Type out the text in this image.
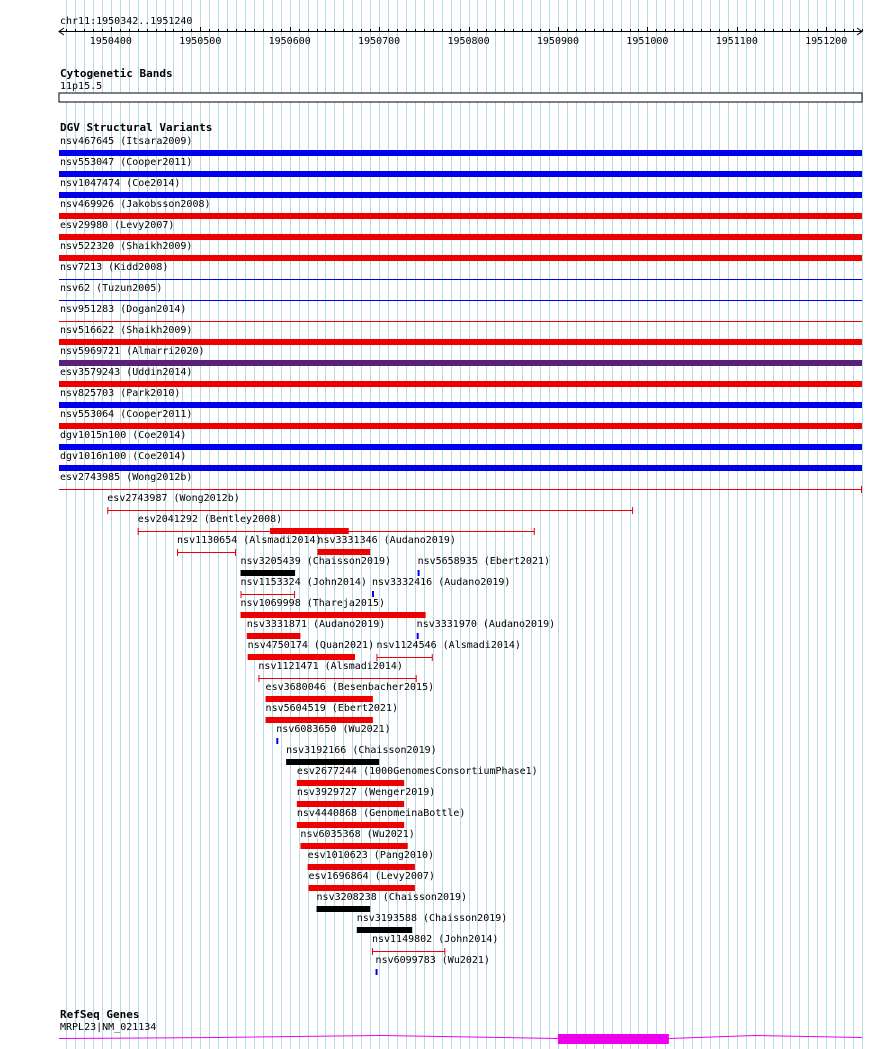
chr11:1950342..1951240
1950400	1950500	1950600	1950700	1950800	1950900	1951000	1951100	1951200
Cytogenetic Bands
11p15.5
DGV Structural Variants
nsv467645 (Itsara2009)
nsv553047 (Cooper2011)
nsv1047474 (Coe2014)
nsv469926 (Jakobsson2008)
esv29980 (Levy2007)
nsv522320 (Shaikh2009)
nsv7213 (Kidd2008)
nsv62 (Tuzun2005)
nsv951283 (Dogan2014)
nsv516622 (Shaikh2009)
nsv5969721 (Almarri2020)
esv3579243 (Uddin2014)
nsv825703 (Park2010)
nsv553064 (Cooper2011)
dgv1015n100 (Coe2014)
dgv1016n100 (Coe2014)
esv2743985 (Wong2012b)
esv2743987 (Wong2012b)
esv2041292 (Bentley2008)
nsv1130654 (Alsmadi2014)
nsv3331346 (Audano2019)
nsv3205439 (Chaisson2019)	nsv5658935 (Ebert2021)
nsv1153324 (John2014) nsv3332416 (Audano2019)
nsv1069998 (Thareja2015)
nsv3331871 (Audano2019)	nsv3331970 (Audano2019)
nsv4750174 (Quan2021) nsv1124546 (Alsmadi2014)
nsv1121471 (Alsmadi2014)
esv3680046 (Besenbacher2015)
nsv5604519 (Ebert2021)
nsv6083650 (Wu2021)
nsv3192166 (Chaisson2019)
esv2677244 (1000GenomesConsortiumPhase1)
nsv3929727 (Wenger2019)
nsv4440868 (GenomeinaBottle)
nsv6035368 (Wu2021)
esv1010623 (Pang2010)
esv1696864 (Levy2007)
nsv3208238 (Chaisson2019)
nsv3193588 (Chaisson2019)
nsv1149802 (John2014)
nsv6099783 (Wu2021)
RefSeq Genes
MRPL23|NM_021134
